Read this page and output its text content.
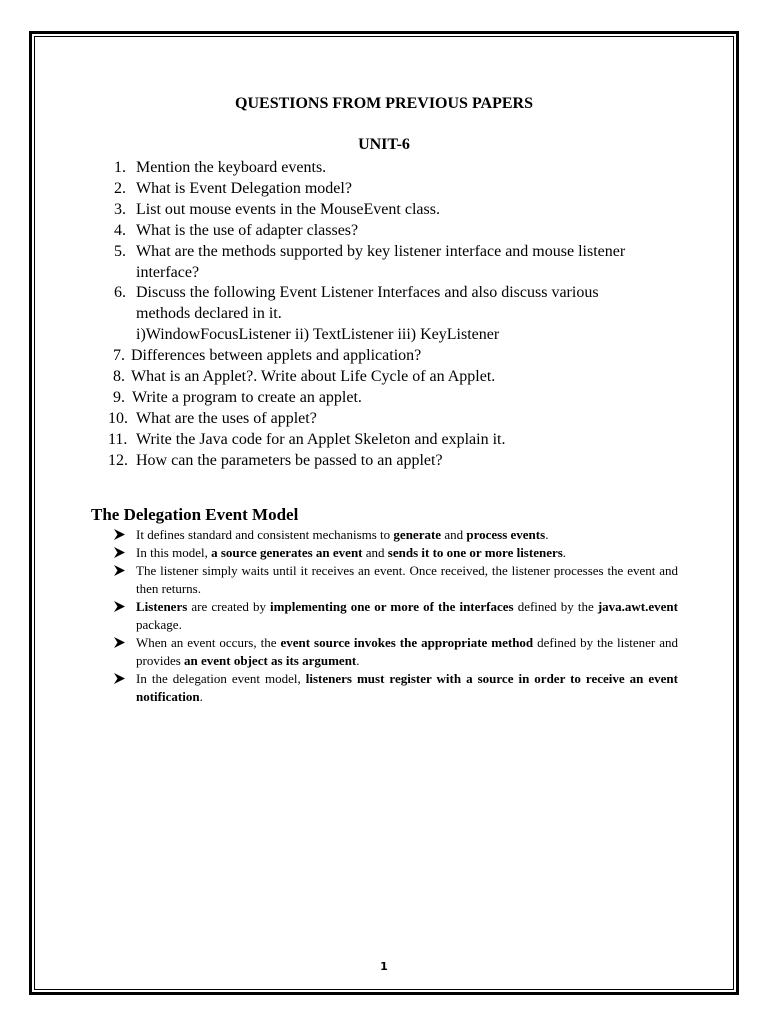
QUESTIONS FROM PREVIOUS PAPERS
UNIT-6
1. Mention the keyboard events.
2. What is Event Delegation model?
3. List out mouse events in the MouseEvent class.
4. What is the use of adapter classes?
5. What are the methods supported by key listener interface and mouse listener
interface?
6. Discuss the following Event Listener Interfaces and also discuss various
methods declared in it.
i)WindowFocusListener ii) TextListener iii) KeyListener
7. Differences between applets and application?
8. What is an Applet?. Write about Life Cycle of an Applet.
9. Write a program to create an applet.
10. What are the uses of applet?
11. Write the Java code for an Applet Skeleton and explain it.
12. How can the parameters be passed to an applet?
The Delegation Event Model
It defines standard and consistent mechanisms to generate and process events.
In this model, a source generates an event and sends it to one or more listeners.
The listener simply waits until it receives an event. Once received, the listener processes the event and then returns.
Listeners are created by implementing one or more of the interfaces defined by the java.awt.event package.
When an event occurs, the event source invokes the appropriate method defined by the listener and provides an event object as its argument.
In the delegation event model, listeners must register with a source in order to receive an event notification.
1
